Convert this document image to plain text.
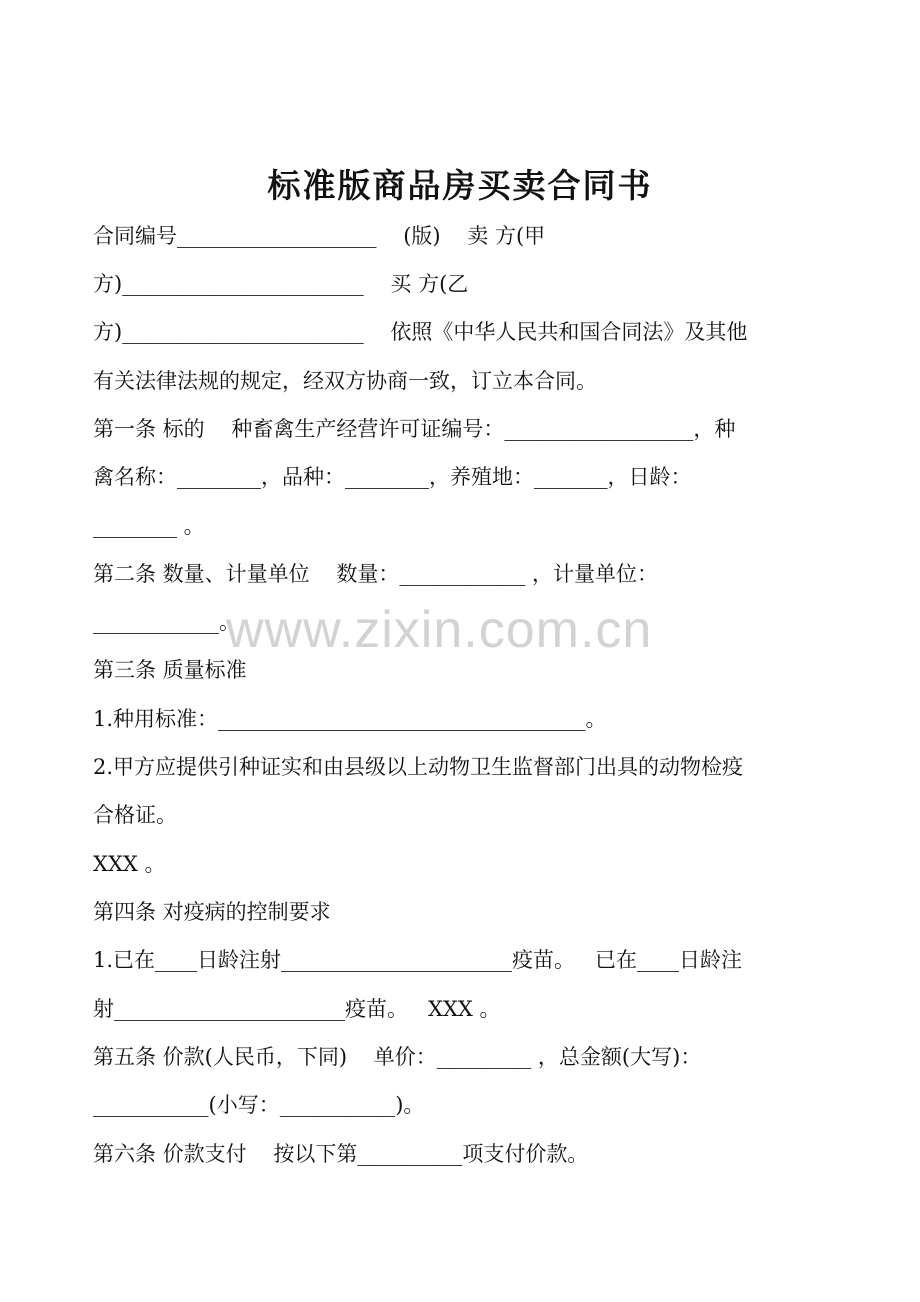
标准版商品房买卖合同书
合同编号___________________    (版)    卖 方(甲
方)_______________________    买 方(乙
方)_______________________    依照《中华人民共和国合同法》及其他
有关法律法规的规定，经双方协商一致，订立本合同。
第一条 标的    种畜禽生产经营许可证编号：__________________，种
禽名称：________，品种：________，养殖地：_______，日龄：
________ 。
第二条 数量、计量单位    数量：____________ ，计量单位：
____________。
第三条 质量标准
1.种用标准：___________________________________。
2.甲方应提供引种证实和由县级以上动物卫生监督部门出具的动物检疫
合格证。
XXX 。
第四条 对疫病的控制要求
1.已在____日龄注射______________________疫苗。   已在____日龄注
射______________________疫苗。   XXX 。
第五条 价款(人民币，下同)    单价：_________ ，总金额(大写)：
___________(小写：___________)。
第六条 价款支付    按以下第__________项支付价款。
www.zixin.com.cn
